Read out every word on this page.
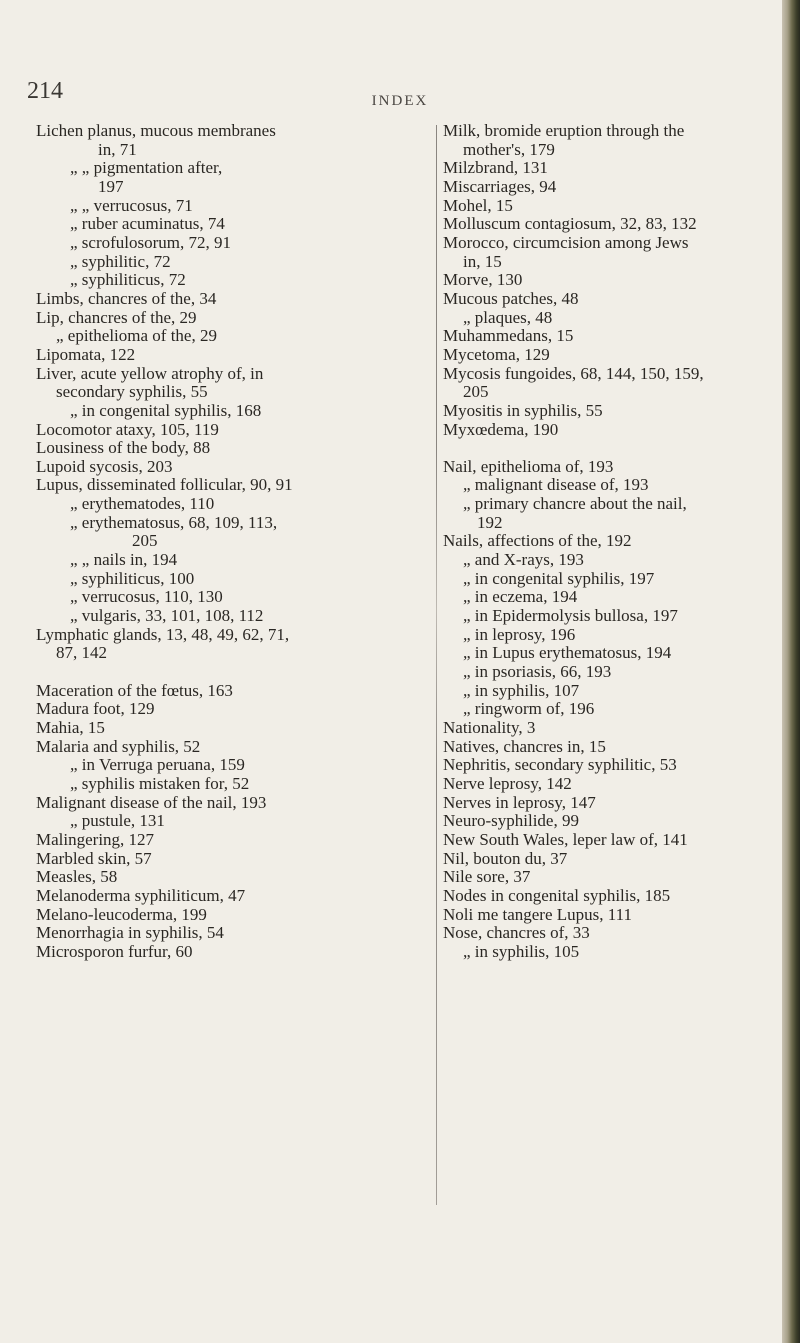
214	INDEX
Lichen planus, mucous membranes
in, 71
„ „ pigmentation after,
197
„ „ verrucosus, 71
„ ruber acuminatus, 74
„ scrofulosorum, 72, 91
„ syphilitic, 72
„ syphiliticus, 72
Limbs, chancres of the, 34
Lip, chancres of the, 29
„ epithelioma of the, 29
Lipomata, 122
Liver, acute yellow atrophy of, in
secondary syphilis, 55
„ in congenital syphilis, 168
Locomotor ataxy, 105, 119
Lousiness of the body, 88
Lupoid sycosis, 203
Lupus, disseminated follicular, 90, 91
„ erythematodes, 110
„ erythematosus, 68, 109, 113,
205
„ „ nails in, 194
„ syphiliticus, 100
„ verrucosus, 110, 130
„ vulgaris, 33, 101, 108, 112
Lymphatic glands, 13, 48, 49, 62, 71,
87, 142
Maceration of the fœtus, 163
Madura foot, 129
Mahia, 15
Malaria and syphilis, 52
„ in Verruga peruana, 159
„ syphilis mistaken for, 52
Malignant disease of the nail, 193
„ pustule, 131
Malingering, 127
Marbled skin, 57
Measles, 58
Melanoderma syphiliticum, 47
Melano-leucoderma, 199
Menorrhagia in syphilis, 54
Microsporon furfur, 60
Milk, bromide eruption through the
mother's, 179
Milzbrand, 131
Miscarriages, 94
Mohel, 15
Molluscum contagiosum, 32, 83, 132
Morocco, circumcision among Jews
in, 15
Morve, 130
Mucous patches, 48
„ plaques, 48
Muhammedans, 15
Mycetoma, 129
Mycosis fungoides, 68, 144, 150, 159,
205
Myositis in syphilis, 55
Myxœdema, 190
Nail, epithelioma of, 193
„ malignant disease of, 193
„ primary chancre about the nail,
192
Nails, affections of the, 192
„ and X-rays, 193
„ in congenital syphilis, 197
„ in eczema, 194
„ in Epidermolysis bullosa, 197
„ in leprosy, 196
„ in Lupus erythematosus, 194
„ in psoriasis, 66, 193
„ in syphilis, 107
„ ringworm of, 196
Nationality, 3
Natives, chancres in, 15
Nephritis, secondary syphilitic, 53
Nerve leprosy, 142
Nerves in leprosy, 147
Neuro-syphilide, 99
New South Wales, leper law of, 141
Nil, bouton du, 37
Nile sore, 37
Nodes in congenital syphilis, 185
Noli me tangere Lupus, 111
Nose, chancres of, 33
„ in syphilis, 105
